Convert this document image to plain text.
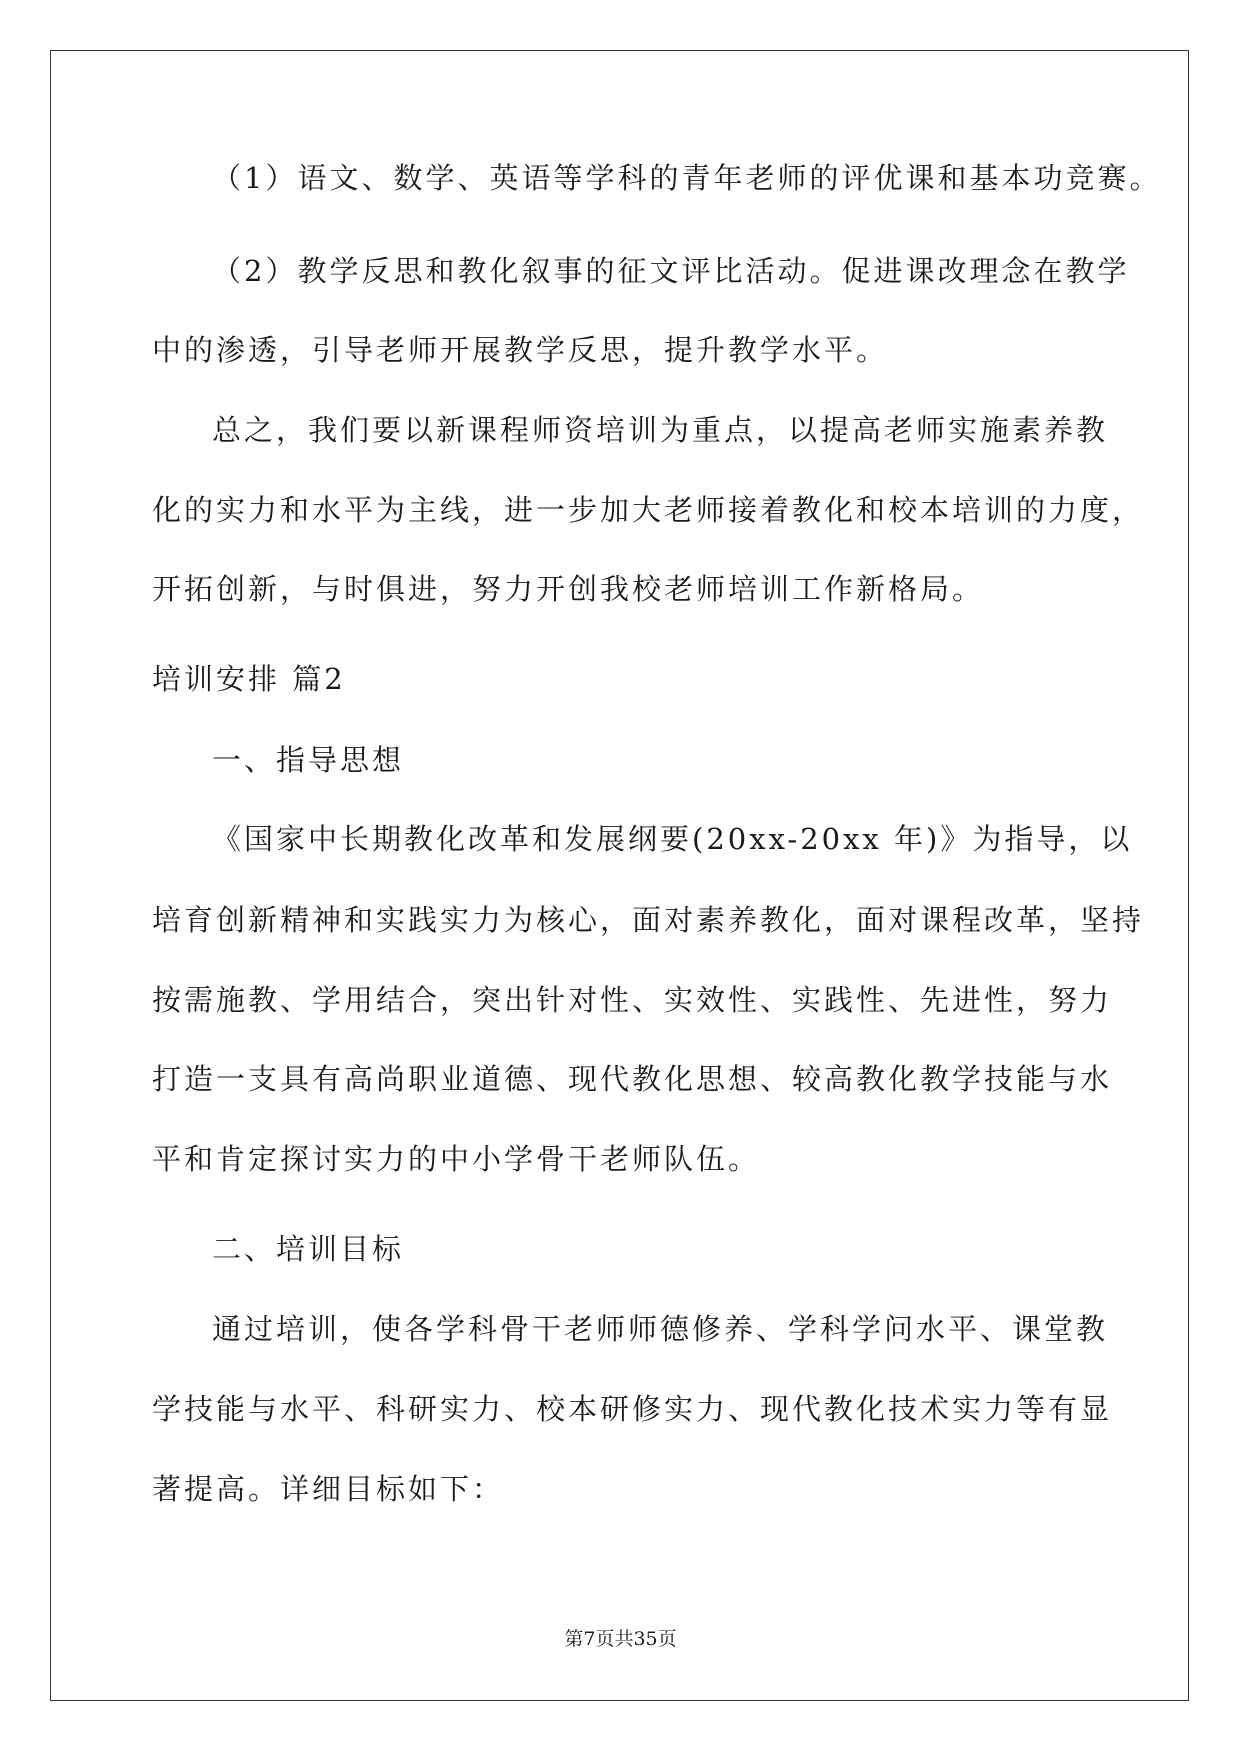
（1）语文、数学、英语等学科的青年老师的评优课和基本功竞赛。
（2）教学反思和教化叙事的征文评比活动。促进课改理念在教学
中的渗透，引导老师开展教学反思，提升教学水平。
总之，我们要以新课程师资培训为重点，以提高老师实施素养教
化的实力和水平为主线，进一步加大老师接着教化和校本培训的力度，
开拓创新，与时俱进，努力开创我校老师培训工作新格局。
培训安排 篇2
一、指导思想
《国家中长期教化改革和发展纲要(20xx-20xx 年)》为指导，以
培育创新精神和实践实力为核心，面对素养教化，面对课程改革，坚持
按需施教、学用结合，突出针对性、实效性、实践性、先进性，努力
打造一支具有高尚职业道德、现代教化思想、较高教化教学技能与水
平和肯定探讨实力的中小学骨干老师队伍。
二、培训目标
通过培训，使各学科骨干老师师德修养、学科学问水平、课堂教
学技能与水平、科研实力、校本研修实力、现代教化技术实力等有显
著提高。详细目标如下：
第7页共35页
